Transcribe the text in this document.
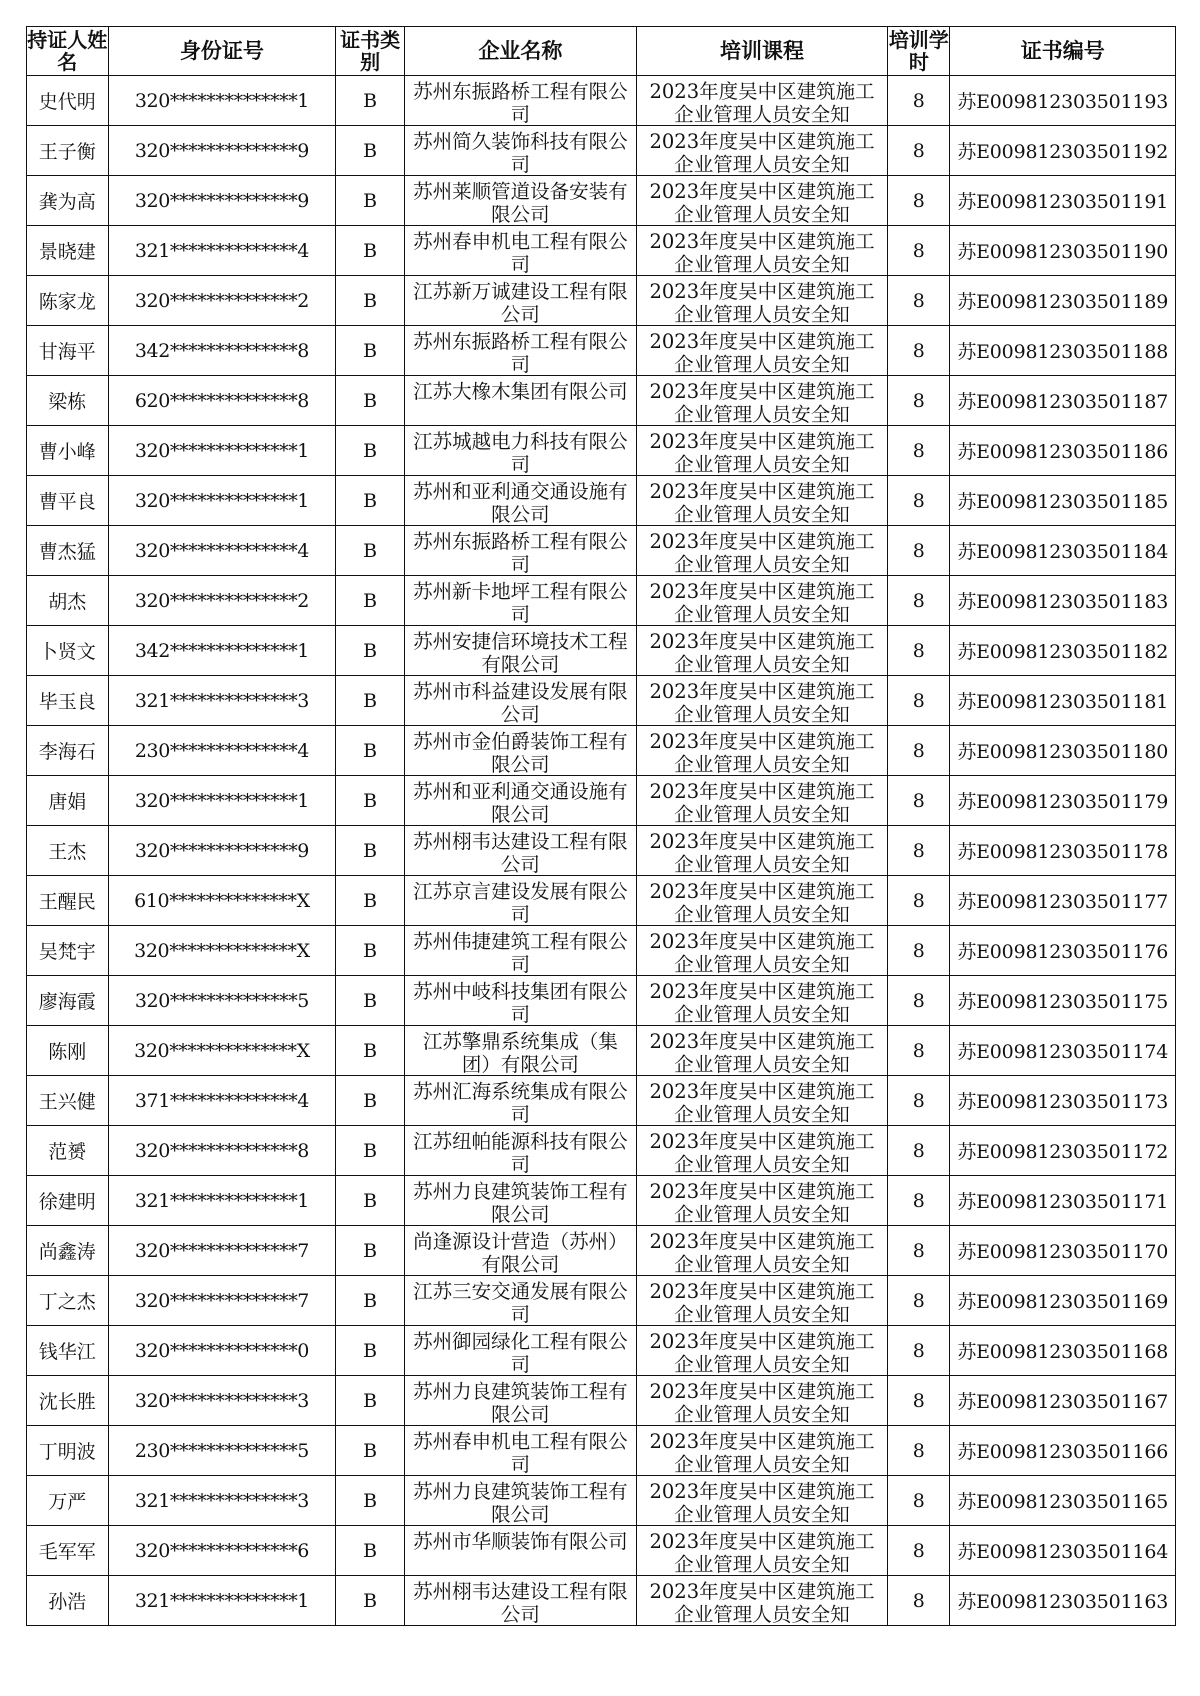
持证人姓名	身份证号	证书类别	企业名称	培训课程	培训学时	证书编号
史代明	320**************1	B	苏州东振路桥工程有限公司	2023年度吴中区建筑施工企业管理人员安全知	8	苏E009812303501193
王子衡	320**************9	B	苏州简久装饰科技有限公司	2023年度吴中区建筑施工企业管理人员安全知	8	苏E009812303501192
龚为高	320**************9	B	苏州莱顺管道设备安装有限公司	2023年度吴中区建筑施工企业管理人员安全知	8	苏E009812303501191
景晓建	321**************4	B	苏州春申机电工程有限公司	2023年度吴中区建筑施工企业管理人员安全知	8	苏E009812303501190
陈家龙	320**************2	B	江苏新万诚建设工程有限公司	2023年度吴中区建筑施工企业管理人员安全知	8	苏E009812303501189
甘海平	342**************8	B	苏州东振路桥工程有限公司	2023年度吴中区建筑施工企业管理人员安全知	8	苏E009812303501188
梁栋	620**************8	B	江苏大橡木集团有限公司	2023年度吴中区建筑施工企业管理人员安全知	8	苏E009812303501187
曹小峰	320**************1	B	江苏城越电力科技有限公司	2023年度吴中区建筑施工企业管理人员安全知	8	苏E009812303501186
曹平良	320**************1	B	苏州和亚利通交通设施有限公司	2023年度吴中区建筑施工企业管理人员安全知	8	苏E009812303501185
曹杰猛	320**************4	B	苏州东振路桥工程有限公司	2023年度吴中区建筑施工企业管理人员安全知	8	苏E009812303501184
胡杰	320**************2	B	苏州新卡地坪工程有限公司	2023年度吴中区建筑施工企业管理人员安全知	8	苏E009812303501183
卜贤文	342**************1	B	苏州安捷信环境技术工程有限公司	2023年度吴中区建筑施工企业管理人员安全知	8	苏E009812303501182
毕玉良	321**************3	B	苏州市科益建设发展有限公司	2023年度吴中区建筑施工企业管理人员安全知	8	苏E009812303501181
李海石	230**************4	B	苏州市金伯爵装饰工程有限公司	2023年度吴中区建筑施工企业管理人员安全知	8	苏E009812303501180
唐娟	320**************1	B	苏州和亚利通交通设施有限公司	2023年度吴中区建筑施工企业管理人员安全知	8	苏E009812303501179
王杰	320**************9	B	苏州栩韦达建设工程有限公司	2023年度吴中区建筑施工企业管理人员安全知	8	苏E009812303501178
王醒民	610**************X	B	江苏京言建设发展有限公司	2023年度吴中区建筑施工企业管理人员安全知	8	苏E009812303501177
吴梵宇	320**************X	B	苏州伟捷建筑工程有限公司	2023年度吴中区建筑施工企业管理人员安全知	8	苏E009812303501176
廖海霞	320**************5	B	苏州中岐科技集团有限公司	2023年度吴中区建筑施工企业管理人员安全知	8	苏E009812303501175
陈刚	320**************X	B	江苏擎鼎系统集成（集团）有限公司	2023年度吴中区建筑施工企业管理人员安全知	8	苏E009812303501174
王兴健	371**************4	B	苏州汇海系统集成有限公司	2023年度吴中区建筑施工企业管理人员安全知	8	苏E009812303501173
范赟	320**************8	B	江苏纽帕能源科技有限公司	2023年度吴中区建筑施工企业管理人员安全知	8	苏E009812303501172
徐建明	321**************1	B	苏州力良建筑装饰工程有限公司	2023年度吴中区建筑施工企业管理人员安全知	8	苏E009812303501171
尚鑫涛	320**************7	B	尚逢源设计营造（苏州）有限公司	2023年度吴中区建筑施工企业管理人员安全知	8	苏E009812303501170
丁之杰	320**************7	B	江苏三安交通发展有限公司	2023年度吴中区建筑施工企业管理人员安全知	8	苏E009812303501169
钱华江	320**************0	B	苏州御园绿化工程有限公司	2023年度吴中区建筑施工企业管理人员安全知	8	苏E009812303501168
沈长胜	320**************3	B	苏州力良建筑装饰工程有限公司	2023年度吴中区建筑施工企业管理人员安全知	8	苏E009812303501167
丁明波	230**************5	B	苏州春申机电工程有限公司	2023年度吴中区建筑施工企业管理人员安全知	8	苏E009812303501166
万严	321**************3	B	苏州力良建筑装饰工程有限公司	2023年度吴中区建筑施工企业管理人员安全知	8	苏E009812303501165
毛军军	320**************6	B	苏州市华顺装饰有限公司	2023年度吴中区建筑施工企业管理人员安全知	8	苏E009812303501164
孙浩	321**************1	B	苏州栩韦达建设工程有限公司	2023年度吴中区建筑施工企业管理人员安全知	8	苏E009812303501163
